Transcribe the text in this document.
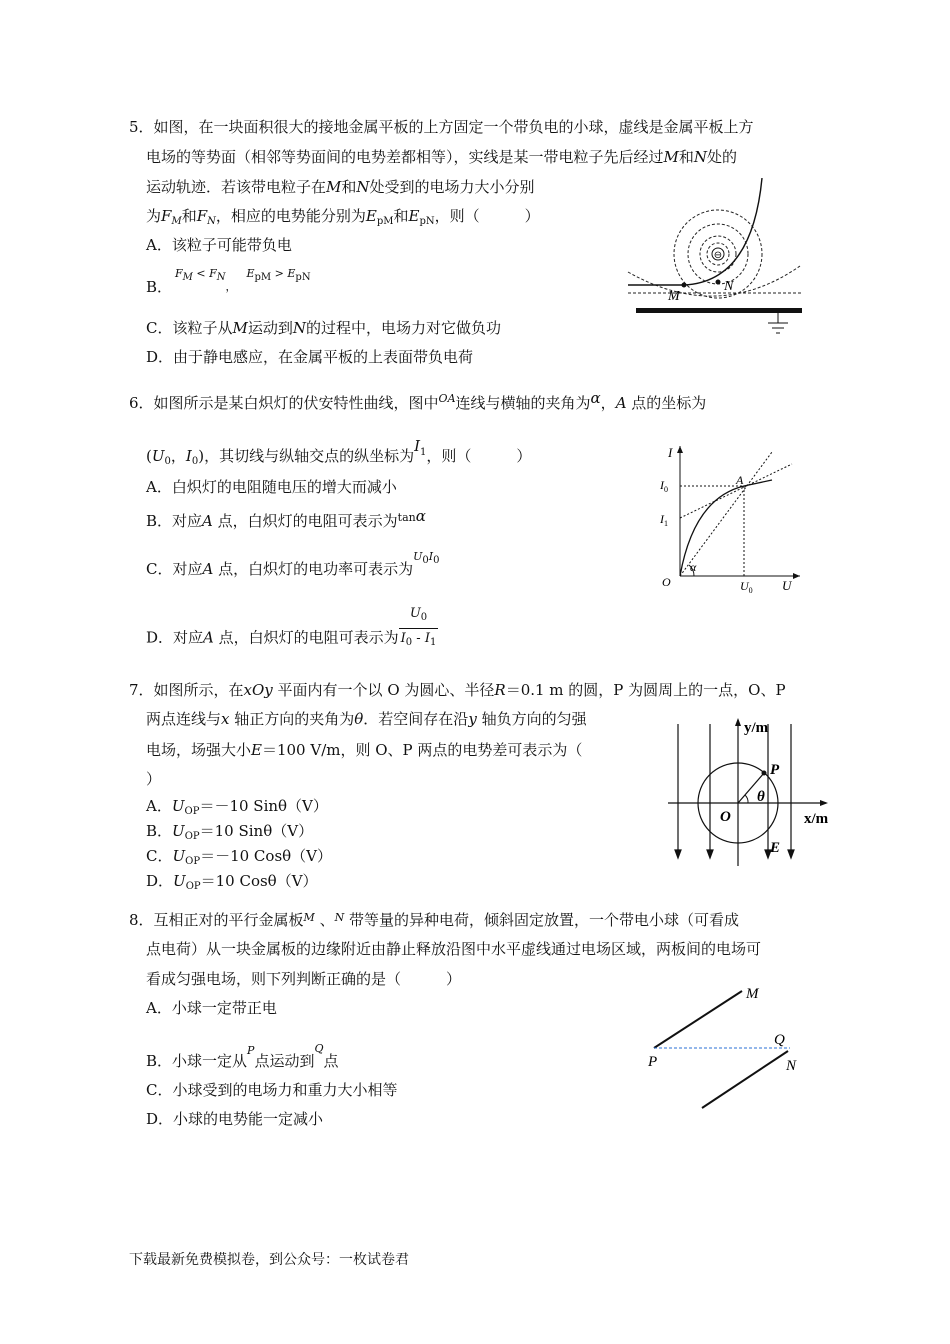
5．如图，在一块面积很大的接地金属平板的上方固定一个带负电的小球，虚线是金属平板上方
电场的等势面（相邻等势面间的电势差都相等），实线是某一带电粒子先后经过M和N处的
运动轨迹．若该带电粒子在M和N处受到的电场力大小分别
为$F_M$和$F_N$，相应的电势能分别为$E_{pM}$和$E_{pN}$，则（　　　）
A．该粒子可能带负电
B．
FM < FN，EpM > EpN
C．该粒子从M运动到N的过程中，电场力对它做负功
D．由于静电感应，在金属平板的上表面带负电荷
⊖
M
N
6．如图所示是某白炽灯的伏安特性曲线，图中$^{OA}$连线与横轴的夹角为α，A 点的坐标为
($U_0$，$I_0$)，其切线与纵轴交点的纵坐标为$I^1$，则（　　　）
A．白炽灯的电阻随电压的增大而减小
B．对应A 点，白炽灯的电阻可表示为$^{tan}$α
C．对应A 点，白炽灯的电功率可表示为$^{U0I0}$
D．对应A 点，白炽灯的电阻可表示为 $\frac{U_0}{I_0 - I_1}$
I
$I_0$
$I_1$
A
O
α
$U_0$ U
7．如图所示，在xOy 平面内有一个以 O 为圆心、半径R＝0.1 m 的圆，P 为圆周上的一点，O、P
两点连线与x 轴正方向的夹角为θ．若空间存在沿y 轴负方向的匀强
电场，场强大小E＝100 V/m，则 O、P 两点的电势差可表示为（
）
A．$U_{OP}=-10$ Sinθ（V）
B．$U_{OP}=10$ Sinθ（V）
C．$U_{OP}=-10$ Cosθ（V）
D．$U_{OP}=10$ Cosθ（V）
y/m
x/m
P
O
θ
E
8．互相正对的平行金属板$^M$ 、$^N$ 带等量的异种电荷，倾斜固定放置，一个带电小球（可看成
点电荷）从一块金属板的边缘附近由静止释放沿图中水平虚线通过电场区域，两板间的电场可
看成匀强电场，则下列判断正确的是（　　　）
A．小球一定带正电
B．小球一定从$^P$点运动到$^Q$点
C．小球受到的电场力和重力大小相等
D．小球的电势能一定减小
M
N
P
Q
下载最新免费模拟卷，到公众号：一枚试卷君
